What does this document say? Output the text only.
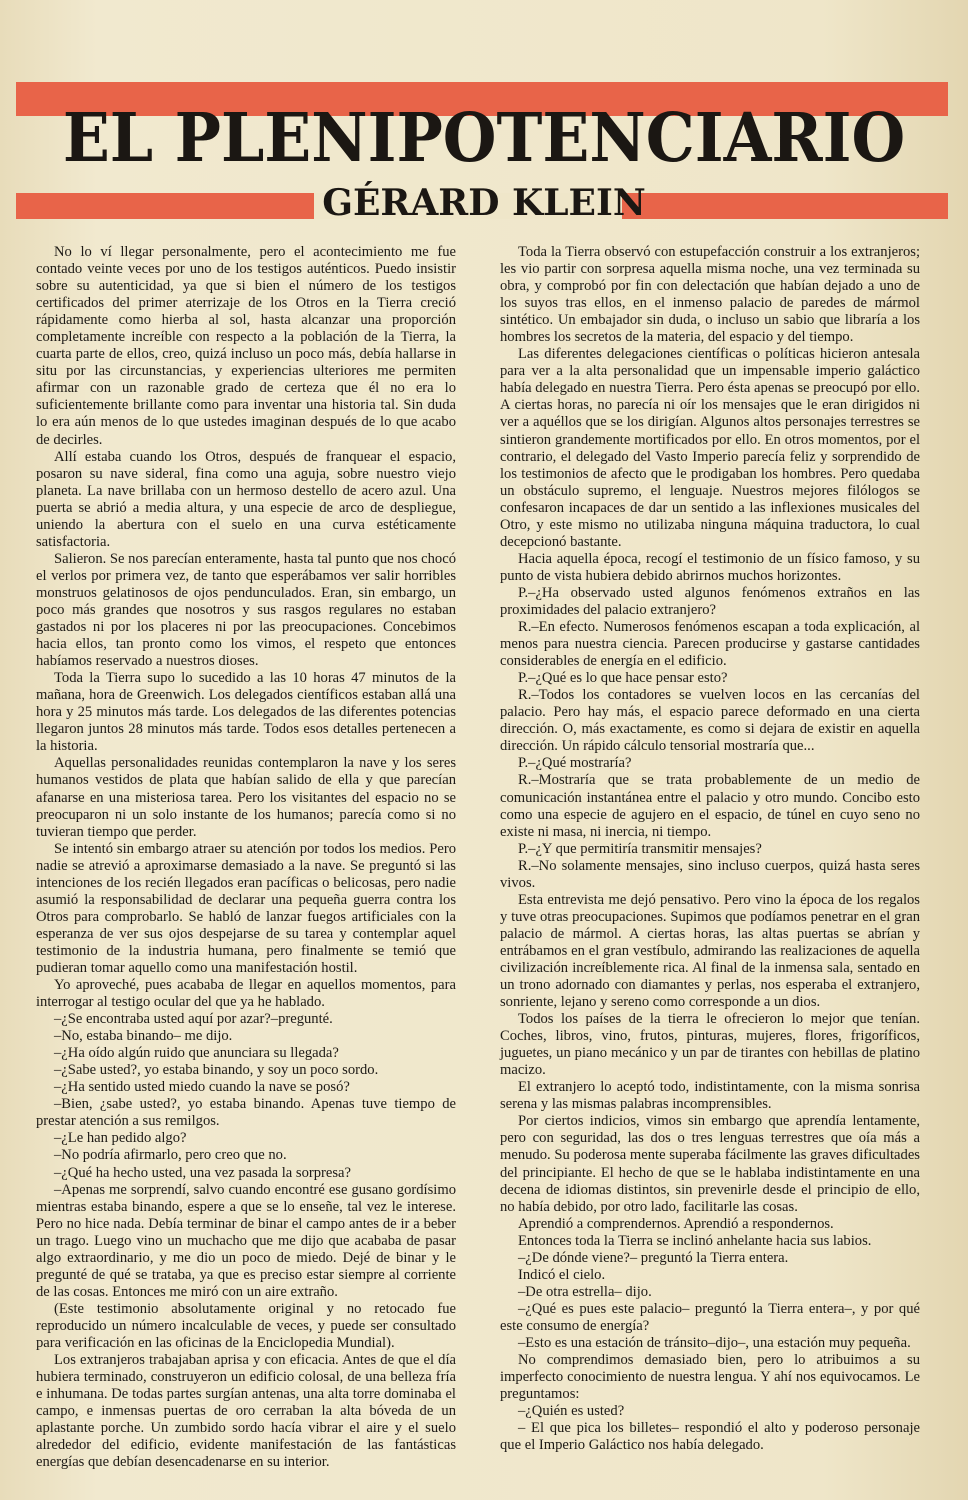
EL PLENIPOTENCIARIO
GÉRARD KLEIN

No lo ví llegar personalmente, pero el acontecimiento me fue contado veinte veces por uno de los testigos auténticos. Puedo insistir sobre su autenticidad, ya que si bien el número de los testigos certificados del primer aterrizaje de los Otros en la Tierra creció rápidamente como hierba al sol, hasta alcanzar una proporción completamente increíble con respecto a la población de la Tierra, la cuarta parte de ellos, creo, quizá incluso un poco más, debía hallarse in situ por las circunstancias, y experiencias ulteriores me permiten afirmar con un razonable grado de certeza que él no era lo suficientemente brillante como para inventar una historia tal. Sin duda lo era aún menos de lo que ustedes imaginan después de lo que acabo de decirles.

Allí estaba cuando los Otros, después de franquear el espacio, posaron su nave sideral, fina como una aguja, sobre nuestro viejo planeta. La nave brillaba con un hermoso destello de acero azul. Una puerta se abrió a media altura, y una especie de arco de despliegue, uniendo la abertura con el suelo en una curva estéticamente satisfactoria.

Salieron. Se nos parecían enteramente, hasta tal punto que nos chocó el verlos por primera vez, de tanto que esperábamos ver salir horribles monstruos gelatinosos de ojos pendunculados. Eran, sin embargo, un poco más grandes que nosotros y sus rasgos regulares no estaban gastados ni por los placeres ni por las preocupaciones. Concebimos hacia ellos, tan pronto como los vimos, el respeto que entonces habíamos reservado a nuestros dioses.

Toda la Tierra supo lo sucedido a las 10 horas 47 minutos de la mañana, hora de Greenwich. Los delegados científicos estaban allá una hora y 25 minutos más tarde. Los delegados de las diferentes potencias llegaron juntos 28 minutos más tarde. Todos esos detalles pertenecen a la historia.

Aquellas personalidades reunidas contemplaron la nave y los seres humanos vestidos de plata que habían salido de ella y que parecían afanarse en una misteriosa tarea. Pero los visitantes del espacio no se preocuparon ni un solo instante de los humanos; parecía como si no tuvieran tiempo que perder.

Se intentó sin embargo atraer su atención por todos los medios. Pero nadie se atrevió a aproximarse demasiado a la nave. Se preguntó si las intenciones de los recién llegados eran pacíficas o belicosas, pero nadie asumió la responsabilidad de declarar una pequeña guerra contra los Otros para comprobarlo. Se habló de lanzar fuegos artificiales con la esperanza de ver sus ojos despejarse de su tarea y contemplar aquel testimonio de la industria humana, pero finalmente se temió que pudieran tomar aquello como una manifestación hostil.

Yo aproveché, pues acababa de llegar en aquellos momentos, para interrogar al testigo ocular del que ya he hablado.

–¿Se encontraba usted aquí por azar?–pregunté.

–No, estaba binando– me dijo.

–¿Ha oído algún ruido que anunciara su llegada?

–¿Sabe usted?, yo estaba binando, y soy un poco sordo.

–¿Ha sentido usted miedo cuando la nave se posó?

–Bien, ¿sabe usted?, yo estaba binando. Apenas tuve tiempo de prestar atención a sus remilgos.

–¿Le han pedido algo?

–No podría afirmarlo, pero creo que no.

–¿Qué ha hecho usted, una vez pasada la sorpresa?

–Apenas me sorprendí, salvo cuando encontré ese gusano gordísimo mientras estaba binando, espere a que se lo enseñe, tal vez le interese. Pero no hice nada. Debía terminar de binar el campo antes de ir a beber un trago. Luego vino un muchacho que me dijo que acababa de pasar algo extraordinario, y me dio un poco de miedo. Dejé de binar y le pregunté de qué se trataba, ya que es preciso estar siempre al corriente de las cosas. Entonces me miró con un aire extraño.

(Este testimonio absolutamente original y no retocado fue reproducido un número incalculable de veces, y puede ser consultado para verificación en las oficinas de la Enciclopedia Mundial).

Los extranjeros trabajaban aprisa y con eficacia. Antes de que el día hubiera terminado, construyeron un edificio colosal, de una belleza fría e inhumana. De todas partes surgían antenas, una alta torre dominaba el campo, e inmensas puertas de oro cerraban la alta bóveda de un aplastante porche. Un zumbido sordo hacía vibrar el aire y el suelo alrededor del edificio, evidente manifestación de las fantásticas energías que debían desencadenarse en su interior.

Toda la Tierra observó con estupefacción construir a los extranjeros; les vio partir con sorpresa aquella misma noche, una vez terminada su obra, y comprobó por fin con delectación que habían dejado a uno de los suyos tras ellos, en el inmenso palacio de paredes de mármol sintético. Un embajador sin duda, o incluso un sabio que libraría a los hombres los secretos de la materia, del espacio y del tiempo.

Las diferentes delegaciones científicas o políticas hicieron antesala para ver a la alta personalidad que un impensable imperio galáctico había delegado en nuestra Tierra. Pero ésta apenas se preocupó por ello. A ciertas horas, no parecía ni oír los mensajes que le eran dirigidos ni ver a aquéllos que se los dirigían. Algunos altos personajes terrestres se sintieron grandemente mortificados por ello. En otros momentos, por el contrario, el delegado del Vasto Imperio parecía feliz y sorprendido de los testimonios de afecto que le prodigaban los hombres. Pero quedaba un obstáculo supremo, el lenguaje. Nuestros mejores filólogos se confesaron incapaces de dar un sentido a las inflexiones musicales del Otro, y este mismo no utilizaba ninguna máquina traductora, lo cual decepcionó bastante.

Hacia aquella época, recogí el testimonio de un físico famoso, y su punto de vista hubiera debido abrirnos muchos horizontes.

P.–¿Ha observado usted algunos fenómenos extraños en las proximidades del palacio extranjero?

R.–En efecto. Numerosos fenómenos escapan a toda explicación, al menos para nuestra ciencia. Parecen producirse y gastarse cantidades considerables de energía en el edificio.

P.–¿Qué es lo que hace pensar esto?

R.–Todos los contadores se vuelven locos en las cercanías del palacio. Pero hay más, el espacio parece deformado en una cierta dirección. O, más exactamente, es como si dejara de existir en aquella dirección. Un rápido cálculo tensorial mostraría que...

P.–¿Qué mostraría?

R.–Mostraría que se trata probablemente de un medio de comunicación instantánea entre el palacio y otro mundo. Concibo esto como una especie de agujero en el espacio, de túnel en cuyo seno no existe ni masa, ni inercia, ni tiempo.

P.–¿Y que permitiría transmitir mensajes?

R.–No solamente mensajes, sino incluso cuerpos, quizá hasta seres vivos.

Esta entrevista me dejó pensativo. Pero vino la época de los regalos y tuve otras preocupaciones. Supimos que podíamos penetrar en el gran palacio de mármol. A ciertas horas, las altas puertas se abrían y entrábamos en el gran vestíbulo, admirando las realizaciones de aquella civilización increíblemente rica. Al final de la inmensa sala, sentado en un trono adornado con diamantes y perlas, nos esperaba el extranjero, sonriente, lejano y sereno como corresponde a un dios.

Todos los países de la tierra le ofrecieron lo mejor que tenían. Coches, libros, vino, frutos, pinturas, mujeres, flores, frigoríficos, juguetes, un piano mecánico y un par de tirantes con hebillas de platino macizo.

El extranjero lo aceptó todo, indistintamente, con la misma sonrisa serena y las mismas palabras incomprensibles.

Por ciertos indicios, vimos sin embargo que aprendía lentamente, pero con seguridad, las dos o tres lenguas terrestres que oía más a menudo. Su poderosa mente superaba fácilmente las graves dificultades del principiante. El hecho de que se le hablaba indistintamente en una decena de idiomas distintos, sin prevenirle desde el principio de ello, no había debido, por otro lado, facilitarle las cosas.

Aprendió a comprendernos. Aprendió a respondernos.

Entonces toda la Tierra se inclinó anhelante hacia sus labios.

–¿De dónde viene?– preguntó la Tierra entera.

Indicó el cielo.

–De otra estrella– dijo.

–¿Qué es pues este palacio– preguntó la Tierra entera–, y por qué este consumo de energía?

–Esto es una estación de tránsito–dijo–, una estación muy pequeña.

No comprendimos demasiado bien, pero lo atribuimos a su imperfecto conocimiento de nuestra lengua. Y ahí nos equivocamos. Le preguntamos:

–¿Quién es usted?

– El que pica los billetes– respondió el alto y poderoso personaje que el Imperio Galáctico nos había delegado.
